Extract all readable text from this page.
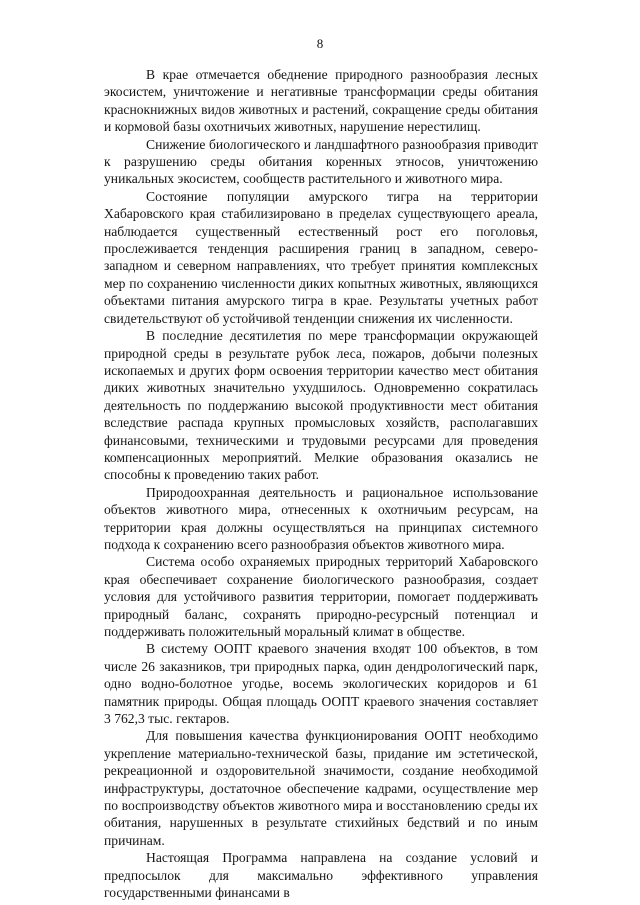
8

В крае отмечается обеднение природного разнообразия лесных экосистем, уничтожение и негативные трансформации среды обитания краснокнижных видов животных и растений, сокращение среды обитания и кормовой базы охотничьих животных, нарушение нерестилищ.

Снижение биологического и ландшафтного разнообразия приводит к разрушению среды обитания коренных этносов, уничтожению уникальных экосистем, сообществ растительного и животного мира.

Состояние популяции амурского тигра на территории Хабаровского края стабилизировано в пределах существующего ареала, наблюдается существенный естественный рост его поголовья, прослеживается тенденция расширения границ в западном, северо-западном и северном направлениях, что требует принятия комплексных мер по сохранению численности диких копытных животных, являющихся объектами питания амурского тигра в крае. Результаты учетных работ свидетельствуют об устойчивой тенденции снижения их численности.

В последние десятилетия по мере трансформации окружающей природной среды в результате рубок леса, пожаров, добычи полезных ископаемых и других форм освоения территории качество мест обитания диких животных значительно ухудшилось. Одновременно сократилась деятельность по поддержанию высокой продуктивности мест обитания вследствие распада крупных промысловых хозяйств, располагавших финансовыми, техническими и трудовыми ресурсами для проведения компенсационных мероприятий. Мелкие образования оказались не способны к проведению таких работ.

Природоохранная деятельность и рациональное использование объектов животного мира, отнесенных к охотничьим ресурсам, на территории края должны осуществляться на принципах системного подхода к сохранению всего разнообразия объектов животного мира.

Система особо охраняемых природных территорий Хабаровского края обеспечивает сохранение биологического разнообразия, создает условия для устойчивого развития территории, помогает поддерживать природный баланс, сохранять природно-ресурсный потенциал и поддерживать положительный моральный климат в обществе.

В систему ООПТ краевого значения входят 100 объектов, в том числе 26 заказников, три природных парка, один дендрологический парк, одно водно-болотное угодье, восемь экологических коридоров и 61 памятник природы. Общая площадь ООПТ краевого значения составляет 3 762,3 тыс. гектаров.

Для повышения качества функционирования ООПТ необходимо укрепление материально-технической базы, придание им эстетической, рекреационной и оздоровительной значимости, создание необходимой инфраструктуры, достаточное обеспечение кадрами, осуществление мер по воспроизводству объектов животного мира и восстановлению среды их обитания, нарушенных в результате стихийных бедствий и по иным причинам.

Настоящая Программа направлена на создание условий и предпосылок для максимально эффективного управления государственными финансами в
